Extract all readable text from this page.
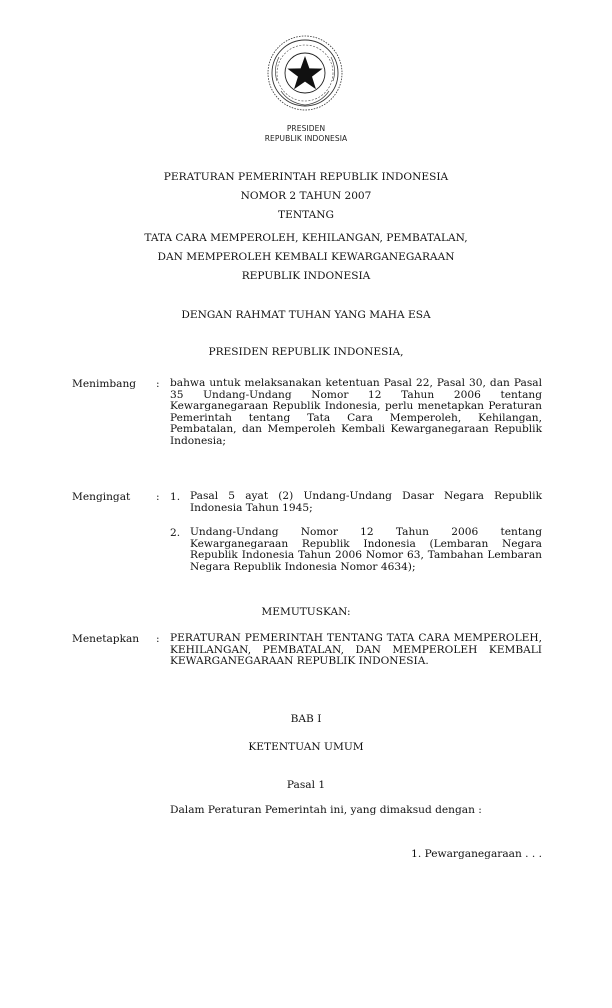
PRESIDEN
REPUBLIK INDONESIA
PERATURAN PEMERINTAH REPUBLIK INDONESIA
NOMOR 2 TAHUN 2007
TENTANG
TATA CARA MEMPEROLEH, KEHILANGAN, PEMBATALAN,
DAN MEMPEROLEH KEMBALI KEWARGANEGARAAN
REPUBLIK INDONESIA
DENGAN RAHMAT TUHAN YANG MAHA ESA
PRESIDEN REPUBLIK INDONESIA,
Menimbang : bahwa untuk melaksanakan ketentuan Pasal 22, Pasal 30, dan Pasal 35 Undang-Undang Nomor 12 Tahun 2006 tentang Kewarganegaraan Republik Indonesia, perlu menetapkan Peraturan Pemerintah tentang Tata Cara Memperoleh, Kehilangan, Pembatalan, dan Memperoleh Kembali Kewarganegaraan Republik Indonesia;
Mengingat : 1. Pasal 5 ayat (2) Undang-Undang Dasar Negara Republik Indonesia Tahun 1945;
2. Undang-Undang Nomor 12 Tahun 2006 tentang Kewarganegaraan Republik Indonesia (Lembaran Negara Republik Indonesia Tahun 2006 Nomor 63, Tambahan Lembaran Negara Republik Indonesia Nomor 4634);
MEMUTUSKAN:
Menetapkan : PERATURAN PEMERINTAH TENTANG TATA CARA MEMPEROLEH, KEHILANGAN, PEMBATALAN, DAN MEMPEROLEH KEMBALI KEWARGANEGARAAN REPUBLIK INDONESIA.
BAB I
KETENTUAN UMUM
Pasal 1
Dalam Peraturan Pemerintah ini, yang dimaksud dengan :
1. Pewarganegaraan . . .
